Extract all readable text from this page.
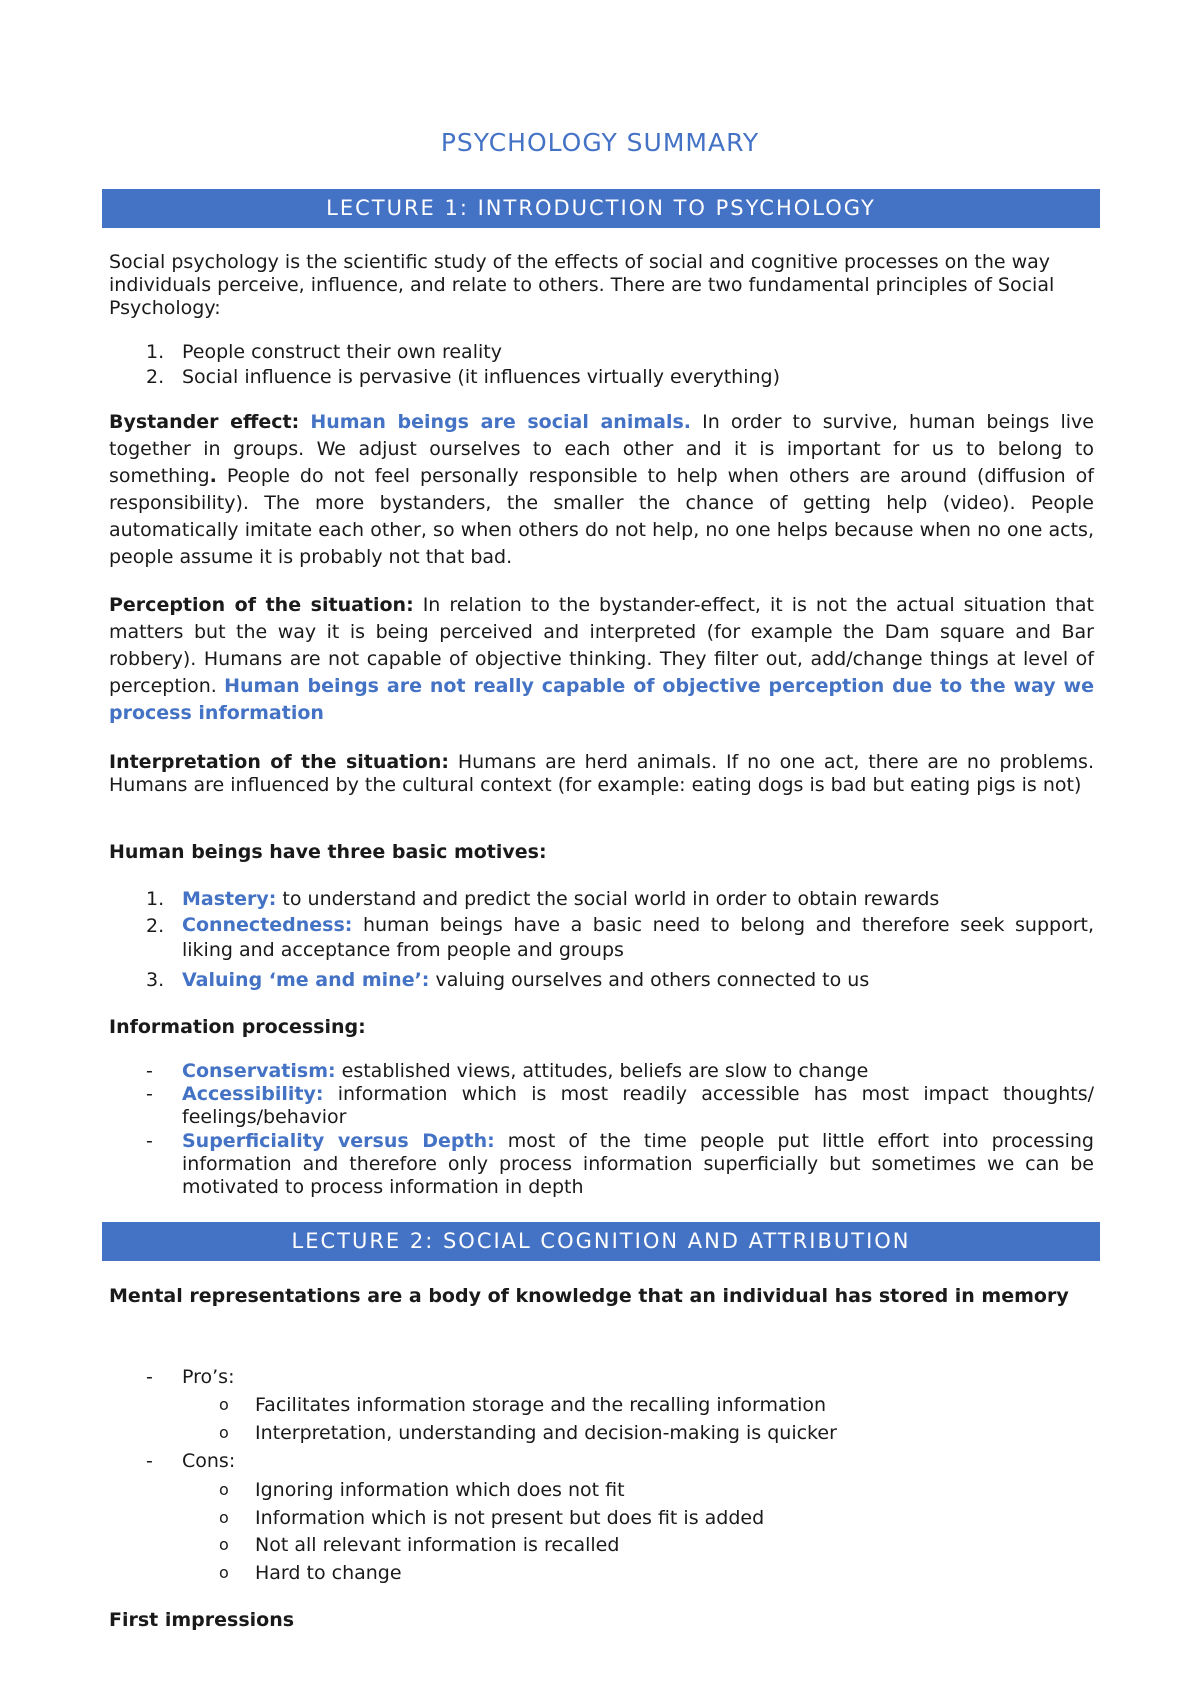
PSYCHOLOGY SUMMARY
LECTURE 1: INTRODUCTION TO PSYCHOLOGY
Social psychology is the scientific study of the effects of social and cognitive processes on the way individuals perceive, influence, and relate to others. There are two fundamental principles of Social Psychology:
1. People construct their own reality
2. Social influence is pervasive (it influences virtually everything)
Bystander effect: Human beings are social animals. In order to survive, human beings live together in groups. We adjust ourselves to each other and it is important for us to belong to something. People do not feel personally responsible to help when others are around (diffusion of responsibility). The more bystanders, the smaller the chance of getting help (video). People automatically imitate each other, so when others do not help, no one helps because when no one acts, people assume it is probably not that bad.
Perception of the situation: In relation to the bystander-effect, it is not the actual situation that matters but the way it is being perceived and interpreted (for example the Dam square and Bar robbery). Humans are not capable of objective thinking. They filter out, add/change things at level of perception. Human beings are not really capable of objective perception due to the way we process information
Interpretation of the situation: Humans are herd animals. If no one act, there are no problems. Humans are influenced by the cultural context (for example: eating dogs is bad but eating pigs is not)
Human beings have three basic motives:
1. Mastery: to understand and predict the social world in order to obtain rewards
2. Connectedness: human beings have a basic need to belong and therefore seek support, liking and acceptance from people and groups
3. Valuing ‘me and mine’: valuing ourselves and others connected to us
Information processing:
- Conservatism: established views, attitudes, beliefs are slow to change
- Accessibility: information which is most readily accessible has most impact thoughts/ feelings/behavior
- Superficiality versus Depth: most of the time people put little effort into processing information and therefore only process information superficially but sometimes we can be motivated to process information in depth
LECTURE 2: SOCIAL COGNITION AND ATTRIBUTION
Mental representations are a body of knowledge that an individual has stored in memory
- Pro’s:
o Facilitates information storage and the recalling information
o Interpretation, understanding and decision-making is quicker
- Cons:
o Ignoring information which does not fit
o Information which is not present but does fit is added
o Not all relevant information is recalled
o Hard to change
First impressions
